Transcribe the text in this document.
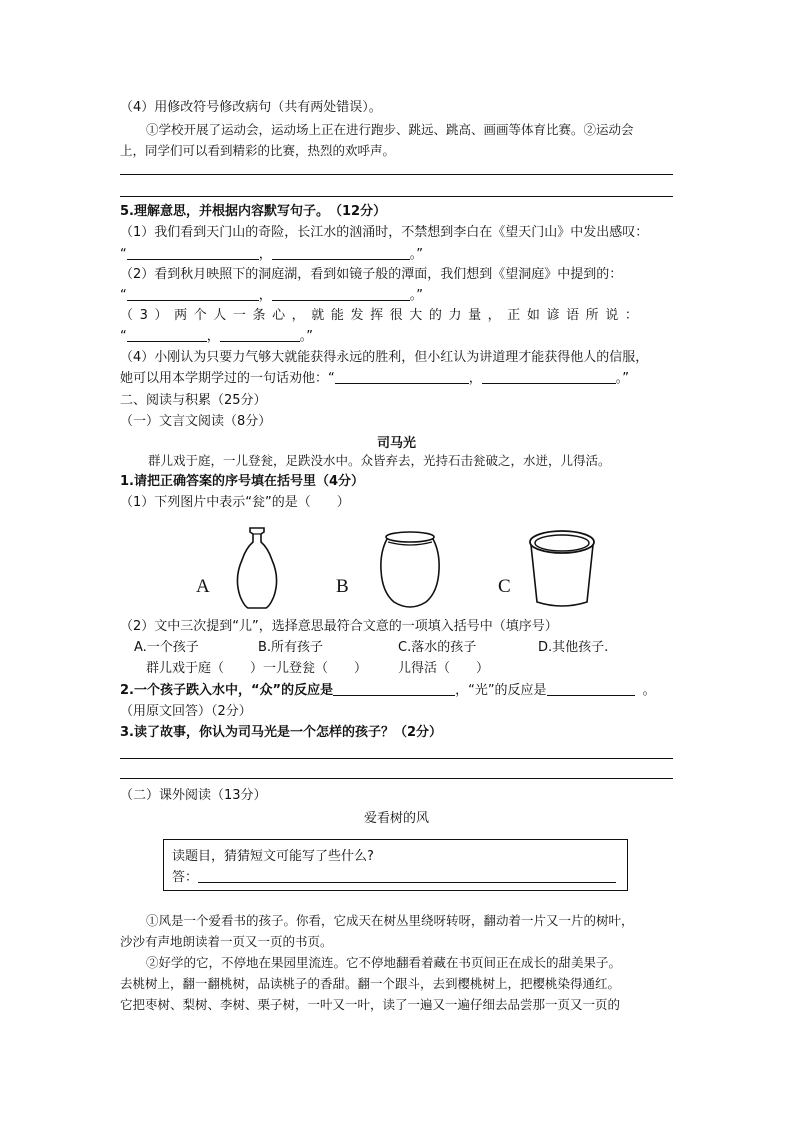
（4）用修改符号修改病句（共有两处错误）。
①学校开展了运动会，运动场上正在进行跑步、跳远、跳高、画画等体育比赛。②运动会
上，同学们可以看到精彩的比赛，热烈的欢呼声。
5.理解意思，并根据内容默写句子。　（12分）
（1）我们看到天门山的奇险，长江水的汹涌时，不禁想到李白在《望天门山》中发出感叹：
“	，	。”
（2）看到秋月映照下的洞庭湖，看到如镜子般的潭面，我们想到《望洞庭》中提到的：
“	，	。”
（3）两个人一条心，就能发挥很大的力量，正如谚语所说：
“	，	。”
（4）小刚认为只要力气够大就能获得永远的胜利，但小红认为讲道理才能获得他人的信服，
她可以用本学期学过的一句话劝他：“	，	。”
二、阅读与积累（25分）
（一）文言文阅读（8分）
司马光
群儿戏于庭，一儿登瓮，足跌没水中。众皆弃去，光持石击瓮破之，水迸，儿得活。
1.请把正确答案的序号填在括号里（4分）
（1）下列图片中表示“瓮”的是（　　）
A	B	C
（2）文中三次提到“儿”，选择意思最符合文意的一项填入括号中（填序号）
A.一个孩子	B.所有孩子	C.落水的孩子	D.其他孩子.
群儿戏于庭（　　）一儿登瓮（　　） 儿得活（　　）
2.一个孩子跌入水中，“众”的反应是	，“光”的反应是	。
（用原文回答）（2分）
3.读了故事，你认为司马光是一个怎样的孩子？（2分）
（二）课外阅读（13分）
爱看树的风
读题目，猜猜短文可能写了些什么?
答：
①风是一个爱看书的孩子。你看，它成天在树丛里绕呀转呀，翻动着一片又一片的树叶，
沙沙有声地朗读着一页又一页的书页。
②好学的它，不停地在果园里流连。它不停地翻看着藏在书页间正在成长的甜美果子。
去桃树上，翻一翻桃树，品读桃子的香甜。翻一个跟斗，去到樱桃树上，把樱桃染得通红。
它把枣树、梨树、李树、栗子树，一叶又一叶，读了一遍又一遍仔细去品尝那一页又一页的
